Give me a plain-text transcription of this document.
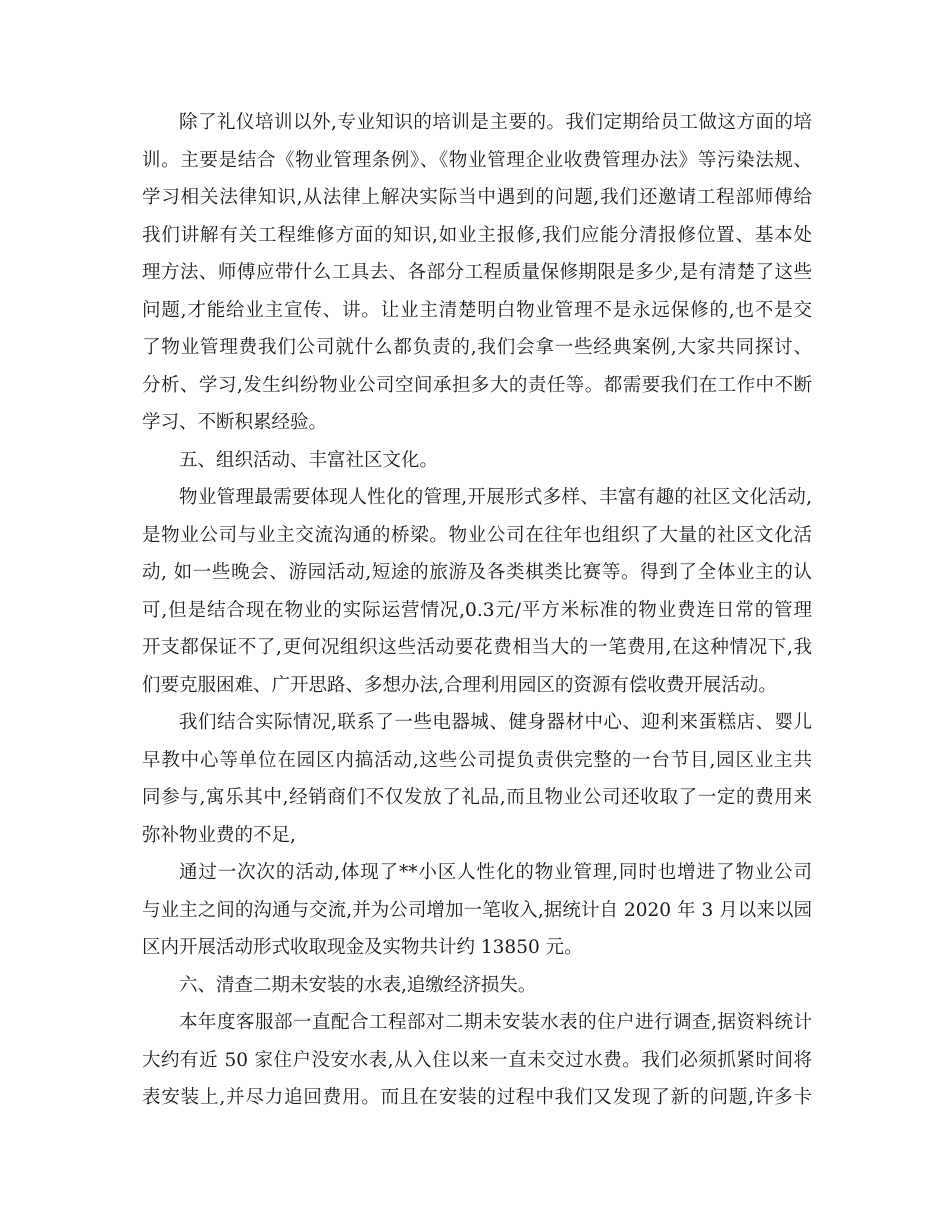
除了礼仪培训以外,专业知识的培训是主要的。我们定期给员工做这方面的培
训。主要是结合《物业管理条例》、《物业管理企业收费管理办法》等污染法规、
学习相关法律知识,从法律上解决实际当中遇到的问题,我们还邀请工程部师傅给
我们讲解有关工程维修方面的知识,如业主报修,我们应能分清报修位置、基本处
理方法、师傅应带什么工具去、各部分工程质量保修期限是多少,是有清楚了这些
问题,才能给业主宣传、讲。让业主清楚明白物业管理不是永远保修的,也不是交
了物业管理费我们公司就什么都负责的,我们会拿一些经典案例,大家共同探讨、
分析、学习,发生纠纷物业公司空间承担多大的责任等。都需要我们在工作中不断
学习、不断积累经验。
五、组织活动、丰富社区文化。
物业管理最需要体现人性化的管理,开展形式多样、丰富有趣的社区文化活动,
是物业公司与业主交流沟通的桥梁。物业公司在往年也组织了大量的社区文化活
动, 如一些晚会、游园活动,短途的旅游及各类棋类比赛等。得到了全体业主的认
可,但是结合现在物业的实际运营情况,0.3元/平方米标准的物业费连日常的管理
开支都保证不了,更何况组织这些活动要花费相当大的一笔费用,在这种情况下,我
们要克服困难、广开思路、多想办法,合理利用园区的资源有偿收费开展活动。
我们结合实际情况,联系了一些电器城、健身器材中心、迎利来蛋糕店、婴儿
早教中心等单位在园区内搞活动,这些公司提负责供完整的一台节目,园区业主共
同参与,寓乐其中,经销商们不仅发放了礼品,而且物业公司还收取了一定的费用来
弥补物业费的不足,
通过一次次的活动,体现了**小区人性化的物业管理,同时也增进了物业公司
与业主之间的沟通与交流,并为公司增加一笔收入,据统计自 2020 年 3 月以来以园
区内开展活动形式收取现金及实物共计约 13850 元。
六、清查二期未安装的水表,追缴经济损失。
本年度客服部一直配合工程部对二期未安装水表的住户进行调查,据资料统计
大约有近 50 家住户没安水表,从入住以来一直未交过水费。我们必须抓紧时间将
表安装上,并尽力追回费用。而且在安装的过程中我们又发现了新的问题,许多卡
